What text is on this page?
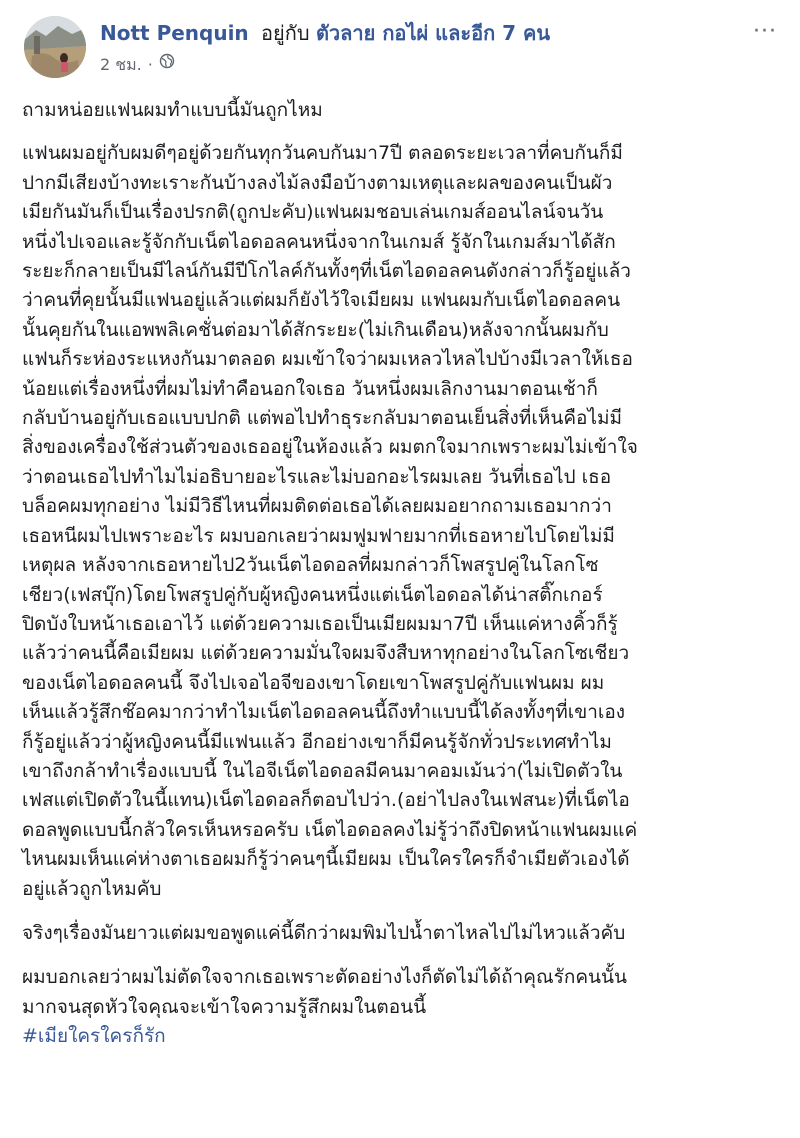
Nott Penquin อยู่กับ ตัวลาย กอไผ่ และอีก 7 คน
2 ชม. ·
···

ถามหน่อยแฟนผมทำแบบนี้มันถูกไหม

แฟนผมอยู่กับผมดีๆอยู่ด้วยกันทุกวันคบกันมา7ปี ตลอดระยะเวลาที่คบกันก็มี

ปากมีเสียงบ้างทะเราะกันบ้างลงไม้ลงมือบ้างตามเหตุและผลของคนเป็นผัว

เมียกันมันก็เป็นเรื่องปรกติ(ถูกปะคับ)แฟนผมชอบเล่นเกมส์ออนไลน์จนวัน

หนึ่งไปเจอและรู้จักกับเน็ตไอดอลคนหนึ่งจากในเกมส์ รู้จักในเกมส์มาได้สัก

ระยะก็กลายเป็นมีไลน์กันมีปีโกไลค์กันทั้งๆที่เน็ตไอดอลคนดังกล่าวก็รู้อยู่แล้ว

ว่าคนที่คุยนั้นมีแฟนอยู่แล้วแต่ผมก็ยังไว้ใจเมียผม แฟนผมกับเน็ตไอดอลคน

นั้นคุยกันในแอพพลิเคชั่นต่อมาได้สักระยะ(ไม่เกินเดือน)หลังจากนั้นผมกับ

แฟนก็ระห่องระแหงกันมาตลอด ผมเข้าใจว่าผมเหลวไหลไปบ้างมีเวลาให้เธอ

น้อยแต่เรื่องหนึ่งที่ผมไม่ทำคือนอกใจเธอ วันหนึ่งผมเลิกงานมาตอนเช้าก็

กลับบ้านอยู่กับเธอแบบปกติ แต่พอไปทำธุระกลับมาตอนเย็นสิ่งที่เห็นคือไม่มี

สิ่งของเครื่องใช้ส่วนตัวของเธออยู่ในห้องแล้ว ผมตกใจมากเพราะผมไม่เข้าใจ

ว่าตอนเธอไปทำไมไม่อธิบายอะไรและไม่บอกอะไรผมเลย วันที่เธอไป เธอ

บล็อคผมทุกอย่าง ไม่มีวิธีไหนที่ผมติดต่อเธอได้เลยผมอยากถามเธอมากว่า

เธอหนีผมไปเพราะอะไร ผมบอกเลยว่าผมฟูมฟายมากที่เธอหายไปโดยไม่มี

เหตุผล หลังจากเธอหายไป2วันเน็ตไอดอลที่ผมกล่าวก็โพสรูปคู่ในโลกโซ

เชียว(เฟสบุ๊ก)โดยโพสรูปคู่กับผู้หญิงคนหนึ่งแต่เน็ตไอดอลได้น่าสติ๊กเกอร์

ปิดบังใบหน้าเธอเอาไว้ แต่ด้วยความเธอเป็นเมียผมมา7ปี เห็นแค่หางคิ้วก็รู้

แล้วว่าคนนี้คือเมียผม แต่ด้วยความมั่นใจผมจึงสืบหาทุกอย่างในโลกโซเชียว

ของเน็ตไอดอลคนนี้ จึงไปเจอไอจีของเขาโดยเขาโพสรูปคู่กับแฟนผม ผม

เห็นแล้วรู้สึกช๊อคมากว่าทำไมเน็ตไอดอลคนนี้ถึงทำแบบนี้ได้ลงทั้งๆที่เขาเอง

ก็รู้อยู่แล้วว่าผู้หญิงคนนี้มีแฟนแล้ว อีกอย่างเขาก็มีคนรู้จักทั่วประเทศทำไม

เขาถึงกล้าทำเรื่องแบบนี้ ในไอจีเน็ตไอดอลมีคนมาคอมเม้นว่า(ไม่เปิดตัวใน

เฟสแต่เปิดตัวในนี้แทน)เน็ตไอดอลก็ตอบไปว่า.(อย่าไปลงในเฟสนะ)ที่เน็ตไอ

ดอลพูดแบบนี้กลัวใครเห็นหรอครับ เน็ตไอดอลคงไม่รู้ว่าถึงปิดหน้าแฟนผมแค่

ไหนผมเห็นแค่ห่างตาเธอผมก็รู้ว่าคนๆนี้เมียผม เป็นใครใครก็จำเมียตัวเองได้

อยู่แล้วถูกไหมคับ

จริงๆเรื่องมันยาวแต่ผมขอพูดแค่นี้ดีกว่าผมพิมไปน้ำตาไหลไปไม่ไหวแล้วคับ

ผมบอกเลยว่าผมไม่ตัดใจจากเธอเพราะตัดอย่างไงก็ตัดไม่ได้ถ้าคุณรักคนนั้น

มากจนสุดหัวใจคุณจะเข้าใจความรู้สึกผมในตอนนี้

#เมียใครใครก็รัก
